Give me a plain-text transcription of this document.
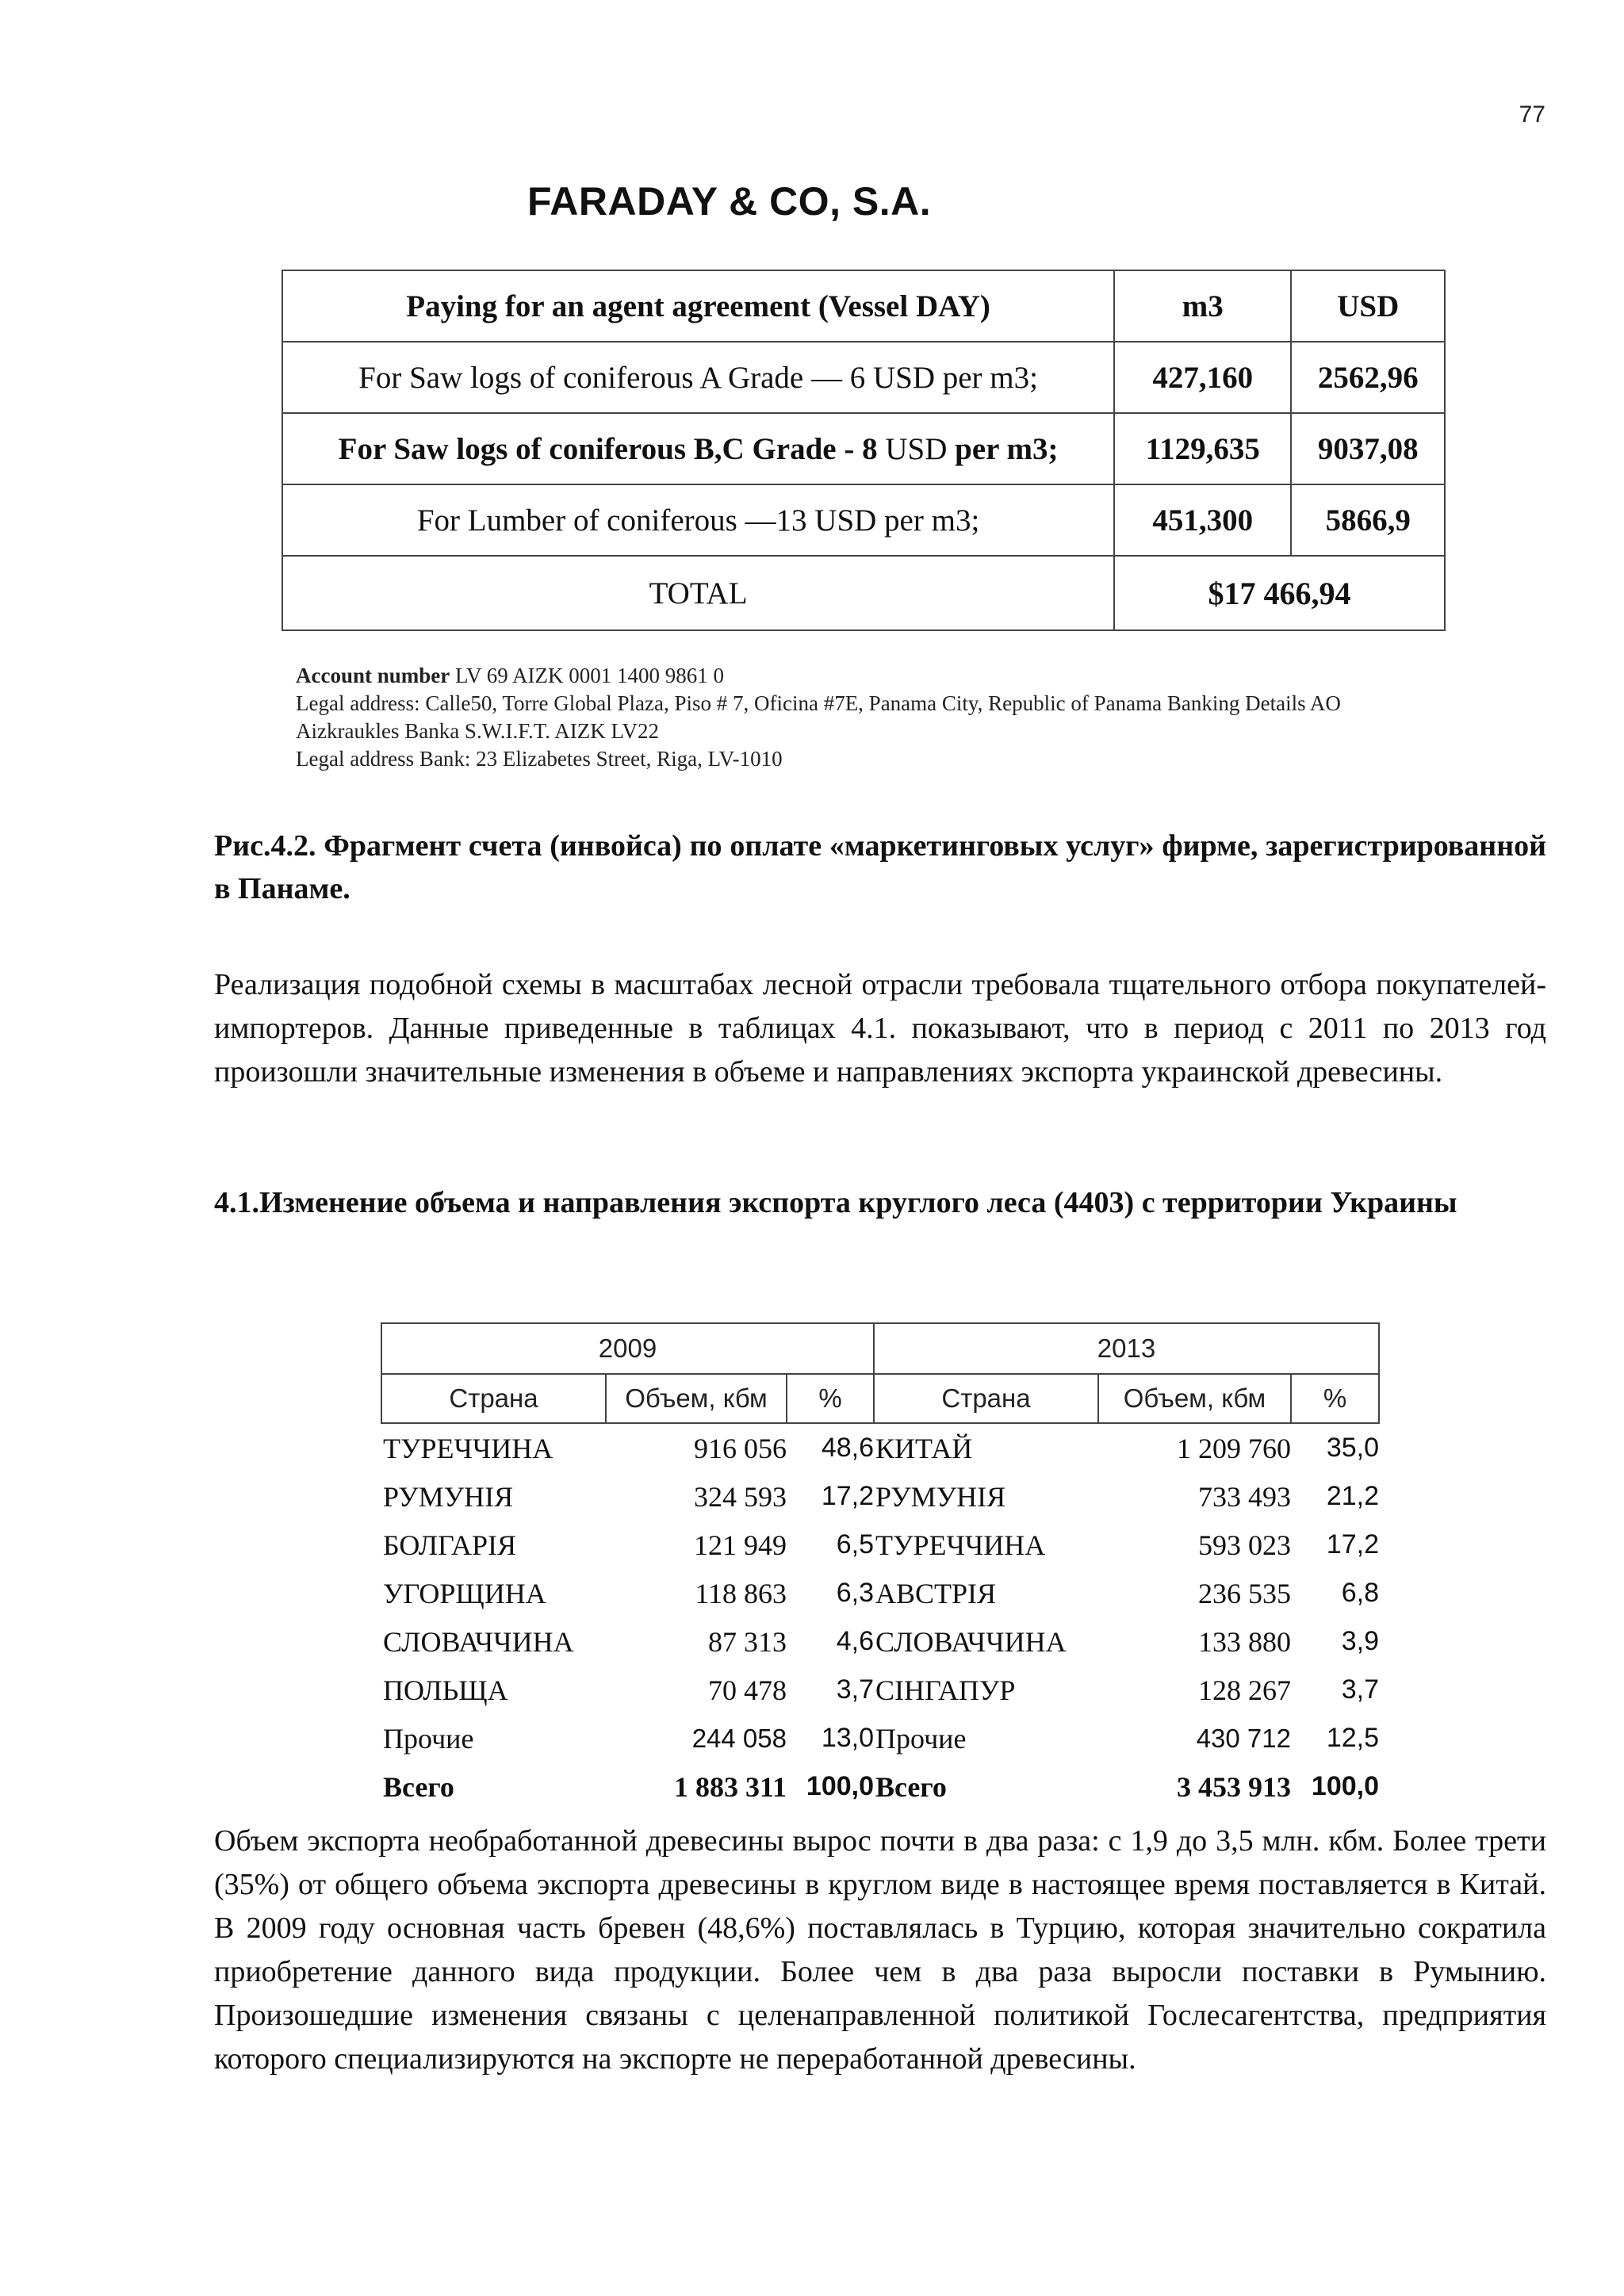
77
FARADAY & CO, S.A.
Paying for an agent agreement (Vessel DAY)	m3	USD
For Saw logs of coniferous A Grade — 6 USD per m3;	427,160	2562,96
For Saw logs of coniferous B,C Grade - 8 USD per m3;	1129,635	9037,08
For Lumber of coniferous —13 USD per m3;	451,300	5866,9
TOTAL	$17 466,94	
Account number LV 69 AIZK 0001 1400 9861 0
Legal address: Calle50, Torre Global Plaza, Piso # 7, Oficina #7E, Panama City, Republic of Panama Banking Details AO
Aizkraukles Banka S.W.I.F.T. AIZK LV22
Legal address Bank: 23 Elizabetes Street, Riga, LV-1010
Рис.4.2. Фрагмент счета (инвойса) по оплате «маркетинговых услуг» фирме, зарегистрированной в Панаме.
Реализация подобной схемы в масштабах лесной отрасли требовала тщательного отбора покупателей-импортеров. Данные приведенные в таблицах 4.1. показывают, что в период с 2011 по 2013 год произошли значительные изменения в объеме и направлениях экспорта украинской древесины.
4.1.Изменение объема и направления экспорта круглого леса (4403) с территории Украины
2009			2013		
Страна	Объем, кбм	%	Страна	Объем, кбм	%
ТУРЕЧЧИНА	916 056	48,6	КИТАЙ	1 209 760	35,0
РУМУНІЯ	324 593	17,2	РУМУНІЯ	733 493	21,2
БОЛГАРІЯ	121 949	6,5	ТУРЕЧЧИНА	593 023	17,2
УГОРЩИНА	118 863	6,3	АВСТРІЯ	236 535	6,8
СЛОВАЧЧИНА	87 313	4,6	СЛОВАЧЧИНА	133 880	3,9
ПОЛЬЩА	70 478	3,7	СІНГАПУР	128 267	3,7
Прочие	244 058	13,0	Прочие	430 712	12,5
Всего	1 883 311	100,0	Всего	3 453 913	100,0
Объем экспорта необработанной древесины вырос почти в два раза: с 1,9 до 3,5 млн. кбм. Более трети (35%) от общего объема экспорта древесины в круглом виде в настоящее время поставляется в Китай. В 2009 году основная часть бревен (48,6%) поставлялась в Турцию, которая значительно сократила приобретение данного вида продукции. Более чем в два раза выросли поставки в Румынию. Произошедшие изменения связаны с целенаправленной политикой Гослесагентства, предприятия которого специализируются на экспорте не переработанной древесины.
